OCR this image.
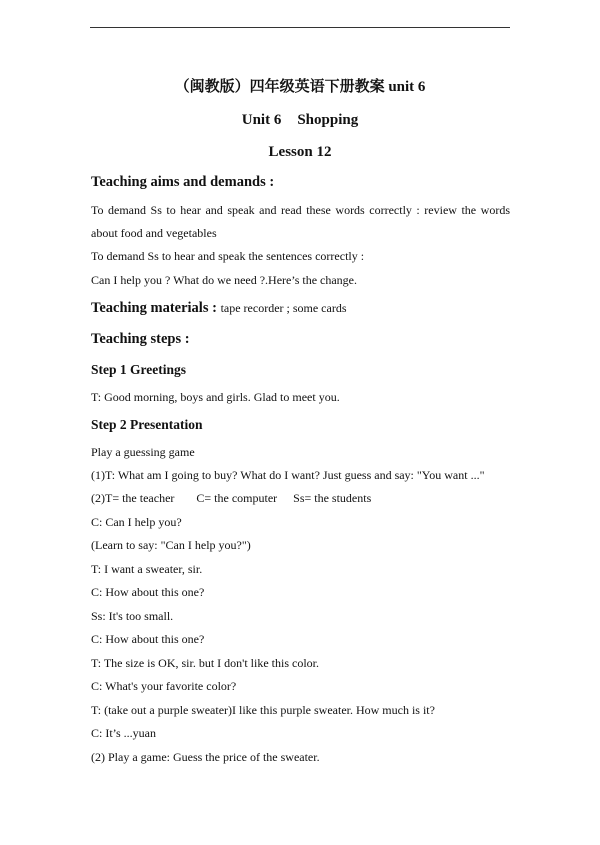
（闽教版）四年级英语下册教案 unit 6
Unit 6 Shopping
Lesson 12
Teaching aims and demands :
To demand Ss to hear and speak and read these words correctly : review the words
about food and vegetables
To demand Ss to hear and speak the sentences correctly :
Can I help you ? What do we need ?.Here’s the change.
Teaching materials : tape recorder ; some cards
Teaching steps :
Step 1 Greetings
T: Good morning, boys and girls. Glad to meet you.
Step 2 Presentation
Play a guessing game
(1)T: What am I going to buy? What do I want? Just guess and say: "You want ..."
(2)T= the teacher C= the computer Ss= the students
C: Can I help you?
(Learn to say: "Can I help you?")
T: I want a sweater, sir.
C: How about this one?
Ss: It's too small.
C: How about this one?
T: The size is OK, sir. but I don't like this color.
C: What's your favorite color?
T: (take out a purple sweater)I like this purple sweater. How much is it?
C: It’s ...yuan
(2) Play a game: Guess the price of the sweater.
